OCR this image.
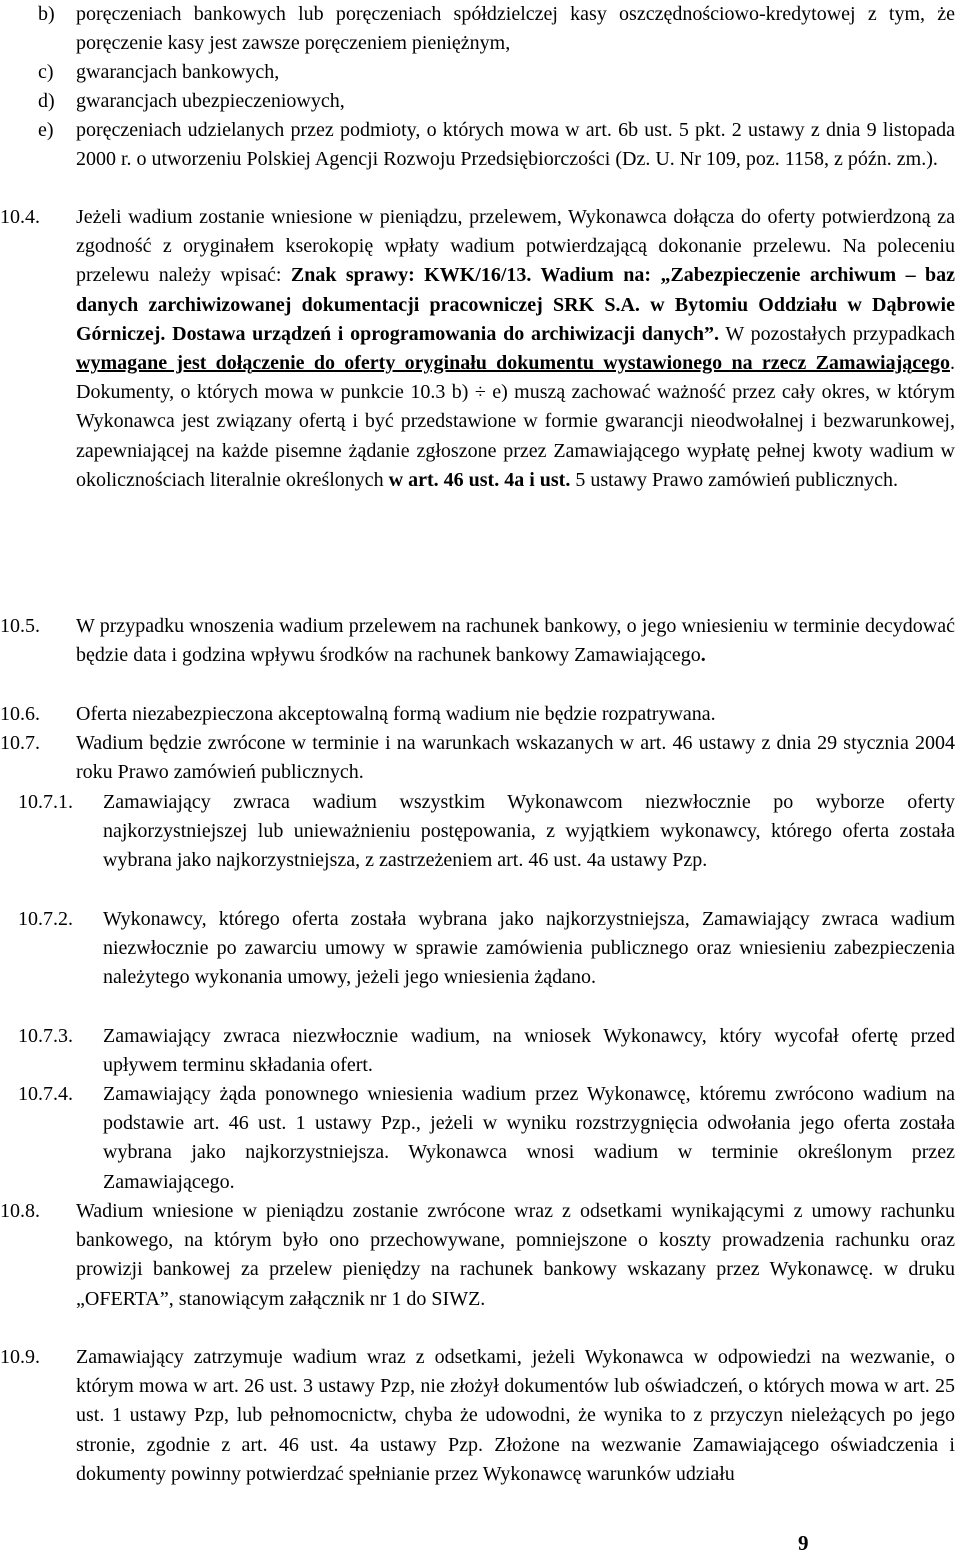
b) poręczeniach bankowych lub poręczeniach spółdzielczej kasy oszczędnościowo-kredytowej z tym, że poręczenie kasy jest zawsze poręczeniem pieniężnym,
c) gwarancjach bankowych,
d) gwarancjach ubezpieczeniowych,
e) poręczeniach udzielanych przez podmioty, o których mowa w art. 6b ust. 5 pkt. 2 ustawy z dnia 9 listopada 2000 r. o utworzeniu Polskiej Agencji Rozwoju Przedsiębiorczości (Dz. U. Nr 109, poz. 1158, z późn. zm.).
10.4. Jeżeli wadium zostanie wniesione w pieniądzu, przelewem, Wykonawca dołącza do oferty potwierdzoną za zgodność z oryginałem kserokopię wpłaty wadium potwierdzającą dokonanie przelewu. Na poleceniu przelewu należy wpisać: Znak sprawy: KWK/16/13. Wadium na: „Zabezpieczenie archiwum – baz danych zarchiwizowanej dokumentacji pracowniczej SRK S.A. w Bytomiu Oddziału w Dąbrowie Górniczej. Dostawa urządzeń i oprogramowania do archiwizacji danych”. W pozostałych przypadkach wymagane jest dołączenie do oferty oryginału dokumentu wystawionego na rzecz Zamawiającego. Dokumenty, o których mowa w punkcie 10.3 b) ÷ e) muszą zachować ważność przez cały okres, w którym Wykonawca jest związany ofertą i być przedstawione w formie gwarancji nieodwołalnej i bezwarunkowej, zapewniającej na każde pisemne żądanie zgłoszone przez Zamawiającego wypłatę pełnej kwoty wadium w okolicznościach literalnie określonych w art. 46 ust. 4a i ust. 5 ustawy Prawo zamówień publicznych.
10.5. W przypadku wnoszenia wadium przelewem na rachunek bankowy, o jego wniesieniu w terminie decydować będzie data i godzina wpływu środków na rachunek bankowy Zamawiającego.
10.6. Oferta niezabezpieczona akceptowalną formą wadium nie będzie rozpatrywana.
10.7. Wadium będzie zwrócone w terminie i na warunkach wskazanych w art. 46 ustawy z dnia 29 stycznia 2004 roku Prawo zamówień publicznych.
10.7.1. Zamawiający zwraca wadium wszystkim Wykonawcom niezwłocznie po wyborze oferty najkorzystniejszej lub unieważnieniu postępowania, z wyjątkiem wykonawcy, którego oferta została wybrana jako najkorzystniejsza, z zastrzeżeniem art. 46 ust. 4a ustawy Pzp.
10.7.2. Wykonawcy, którego oferta została wybrana jako najkorzystniejsza, Zamawiający zwraca wadium niezwłocznie po zawarciu umowy w sprawie zamówienia publicznego oraz wniesieniu zabezpieczenia należytego wykonania umowy, jeżeli jego wniesienia żądano.
10.7.3. Zamawiający zwraca niezwłocznie wadium, na wniosek Wykonawcy, który wycofał ofertę przed upływem terminu składania ofert.
10.7.4. Zamawiający żąda ponownego wniesienia wadium przez Wykonawcę, któremu zwrócono wadium na podstawie art. 46 ust. 1 ustawy Pzp., jeżeli w wyniku rozstrzygnięcia odwołania jego oferta została wybrana jako najkorzystniejsza. Wykonawca wnosi wadium w terminie określonym przez Zamawiającego.
10.8. Wadium wniesione w pieniądzu zostanie zwrócone wraz z odsetkami wynikającymi z umowy rachunku bankowego, na którym było ono przechowywane, pomniejszone o koszty prowadzenia rachunku oraz prowizji bankowej za przelew pieniędzy na rachunek bankowy wskazany przez Wykonawcę. w druku „OFERTA”, stanowiącym załącznik nr 1 do SIWZ.
10.9. Zamawiający zatrzymuje wadium wraz z odsetkami, jeżeli Wykonawca w odpowiedzi na wezwanie, o którym mowa w art. 26 ust. 3 ustawy Pzp, nie złożył dokumentów lub oświadczeń, o których mowa w art. 25 ust. 1 ustawy Pzp, lub pełnomocnictw, chyba że udowodni, że wynika to z przyczyn nieleżących po jego stronie, zgodnie z art. 46 ust. 4a ustawy Pzp. Złożone na wezwanie Zamawiającego oświadczenia i dokumenty powinny potwierdzać spełnianie przez Wykonawcę warunków udziału
9
